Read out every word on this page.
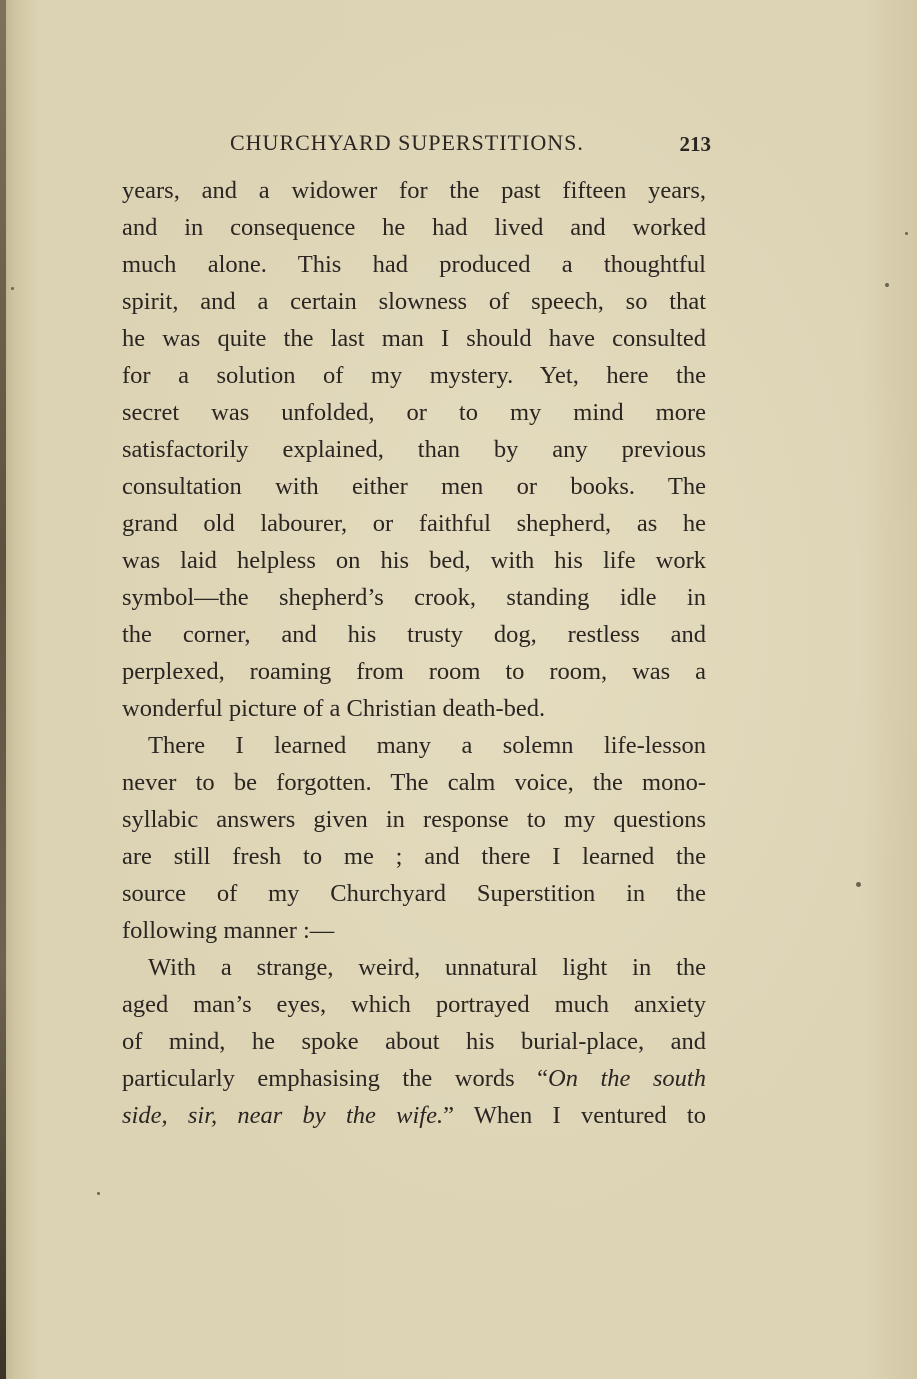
CHURCHYARD SUPERSTITIONS.	213
years, and a widower for the past fifteen years,
and in consequence he had lived and worked
much alone. This had produced a thoughtful
spirit, and a certain slowness of speech, so that
he was quite the last man I should have consulted
for a solution of my mystery. Yet, here the
secret was unfolded, or to my mind more
satisfactorily explained, than by any previous
consultation with either men or books. The
grand old labourer, or faithful shepherd, as he
was laid helpless on his bed, with his life work
symbol—the shepherd’s crook, standing idle in
the corner, and his trusty dog, restless and
perplexed, roaming from room to room, was a
wonderful picture of a Christian death-bed.
There I learned many a solemn life-lesson
never to be forgotten. The calm voice, the mono-
syllabic answers given in response to my questions
are still fresh to me ; and there I learned the
source of my Churchyard Superstition in the
following manner :—
With a strange, weird, unnatural light in the
aged man’s eyes, which portrayed much anxiety
of mind, he spoke about his burial-place, and
particularly emphasising the words “On the south
side, sir, near by the wife.” When I ventured to
